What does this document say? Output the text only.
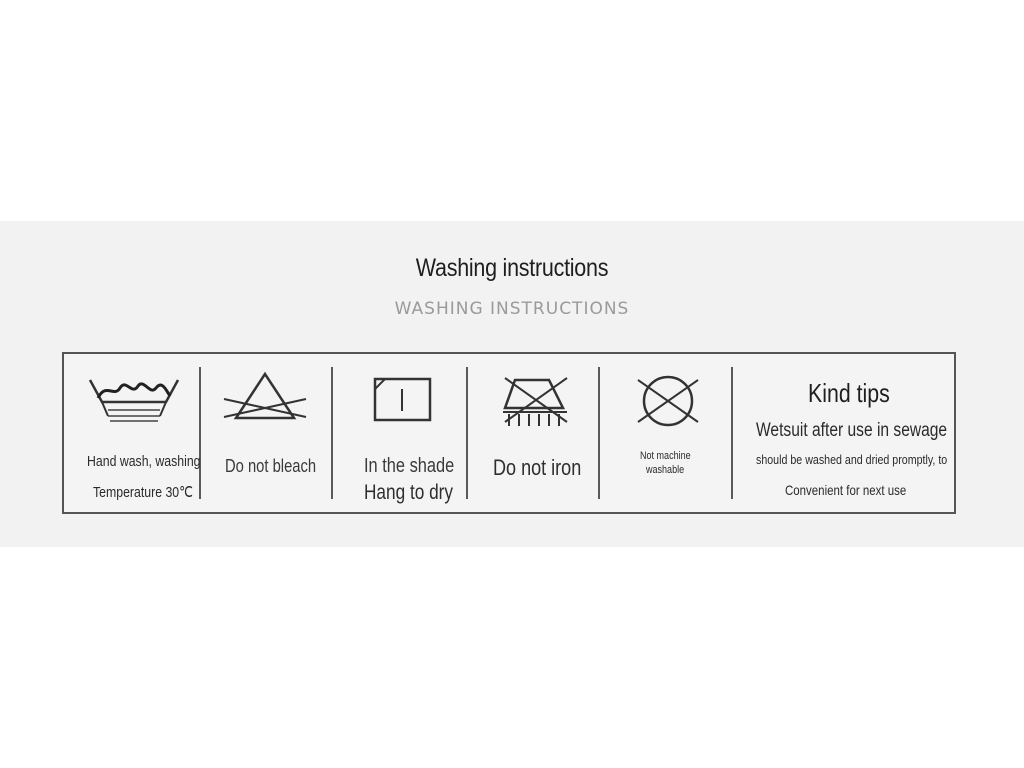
Washing instructions
WASHING INSTRUCTIONS
Hand wash, washing
Temperature 30℃
Do not bleach In the shade
Hang to dry
Do not iron	Not machine
washable
Kind tips
Wetsuit after use in sewage
should be washed and dried promptly, to
Convenient for next use
